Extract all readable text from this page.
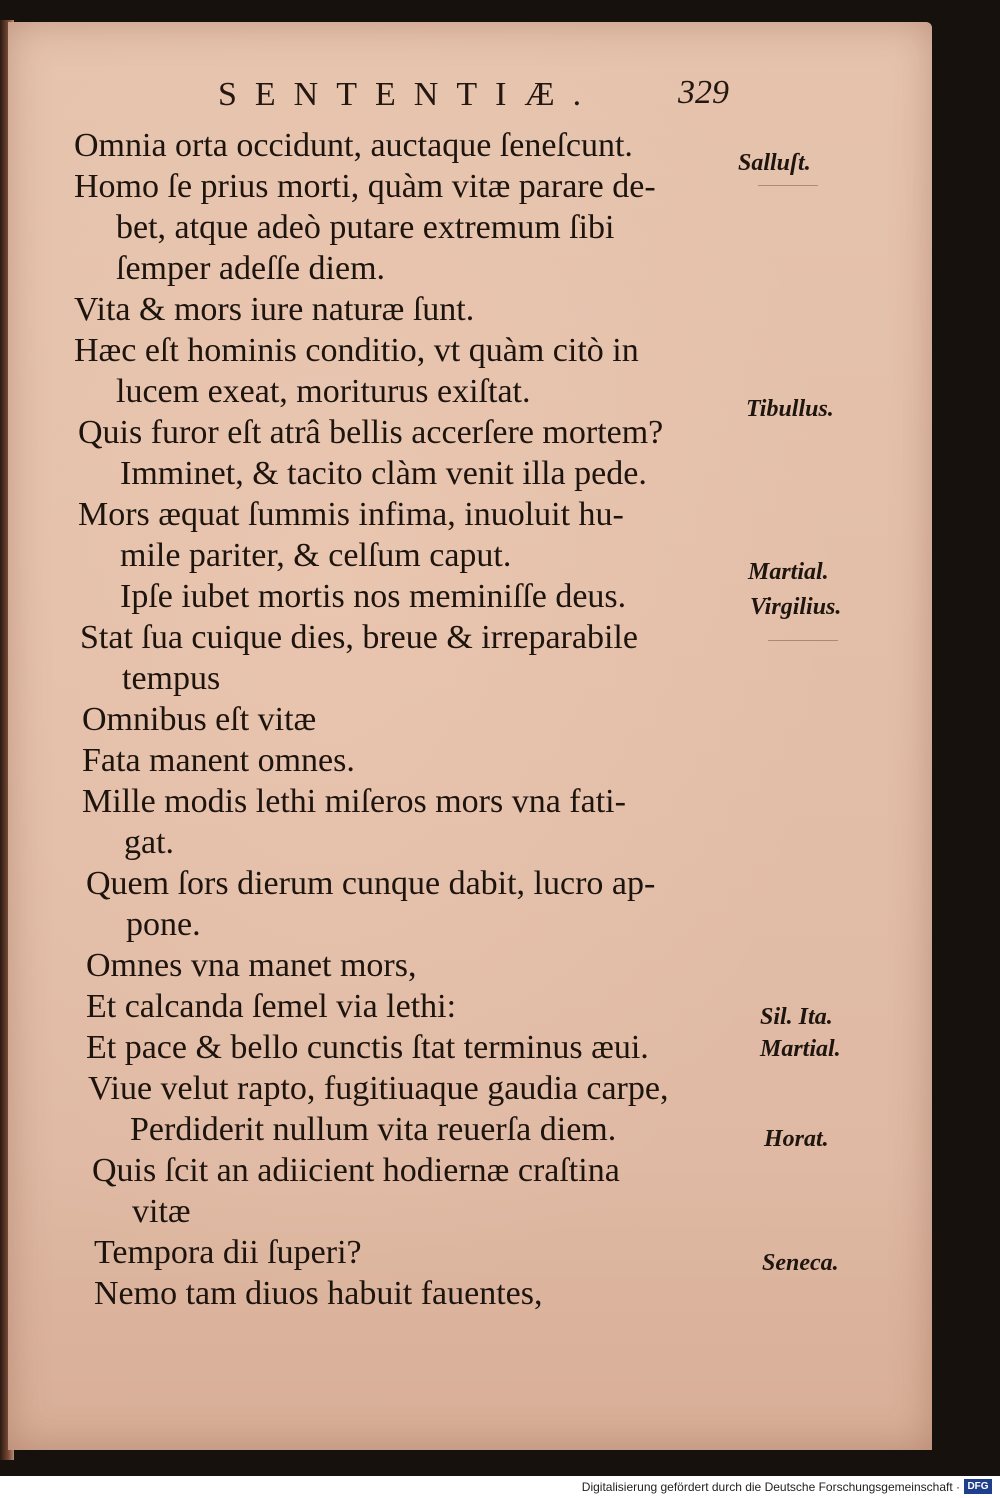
SENTENTIÆ. 329
Omnia orta occidunt, auctaque ſeneſcunt.
Homo ſe prius morti, quàm vitæ parare de-
bet, atque adeò putare extremum ſibi
ſemper adeſſe diem.
Vita & mors iure naturæ ſunt.
Hæc eſt hominis conditio, vt quàm citò in
lucem exeat, moriturus exiſtat.
Quis furor eſt atrâ bellis accerſere mortem?
Imminet, & tacito clàm venit illa pede.
Mors æquat ſummis infima, inuoluit hu-
mile pariter, & celſum caput.
Ipſe iubet mortis nos meminiſſe deus.
Stat ſua cuique dies, breue & irreparabile
tempus
Omnibus eſt vitæ
Fata manent omnes.
Mille modis lethi miſeros mors vna fati-
gat.
Quem ſors dierum cunque dabit, lucro ap-
pone.
Omnes vna manet mors,
Et calcanda ſemel via lethi:
Et pace & bello cunctis ſtat terminus æui.
Viue velut rapto, fugitiuaque gaudia carpe,
Perdiderit nullum vita reuerſa diem.
Quis ſcit an adiicient hodiernæ craſtina
vitæ
Tempora dii ſuperi?
Nemo tam diuos habuit fauentes,
Salluſt.
Tibullus.
Martial.
Virgilius.
Sil. Ita.
Martial.
Horat.
Seneca.
Digitalisierung gefördert durch die Deutsche Forschungsgemeinschaft · DFG
